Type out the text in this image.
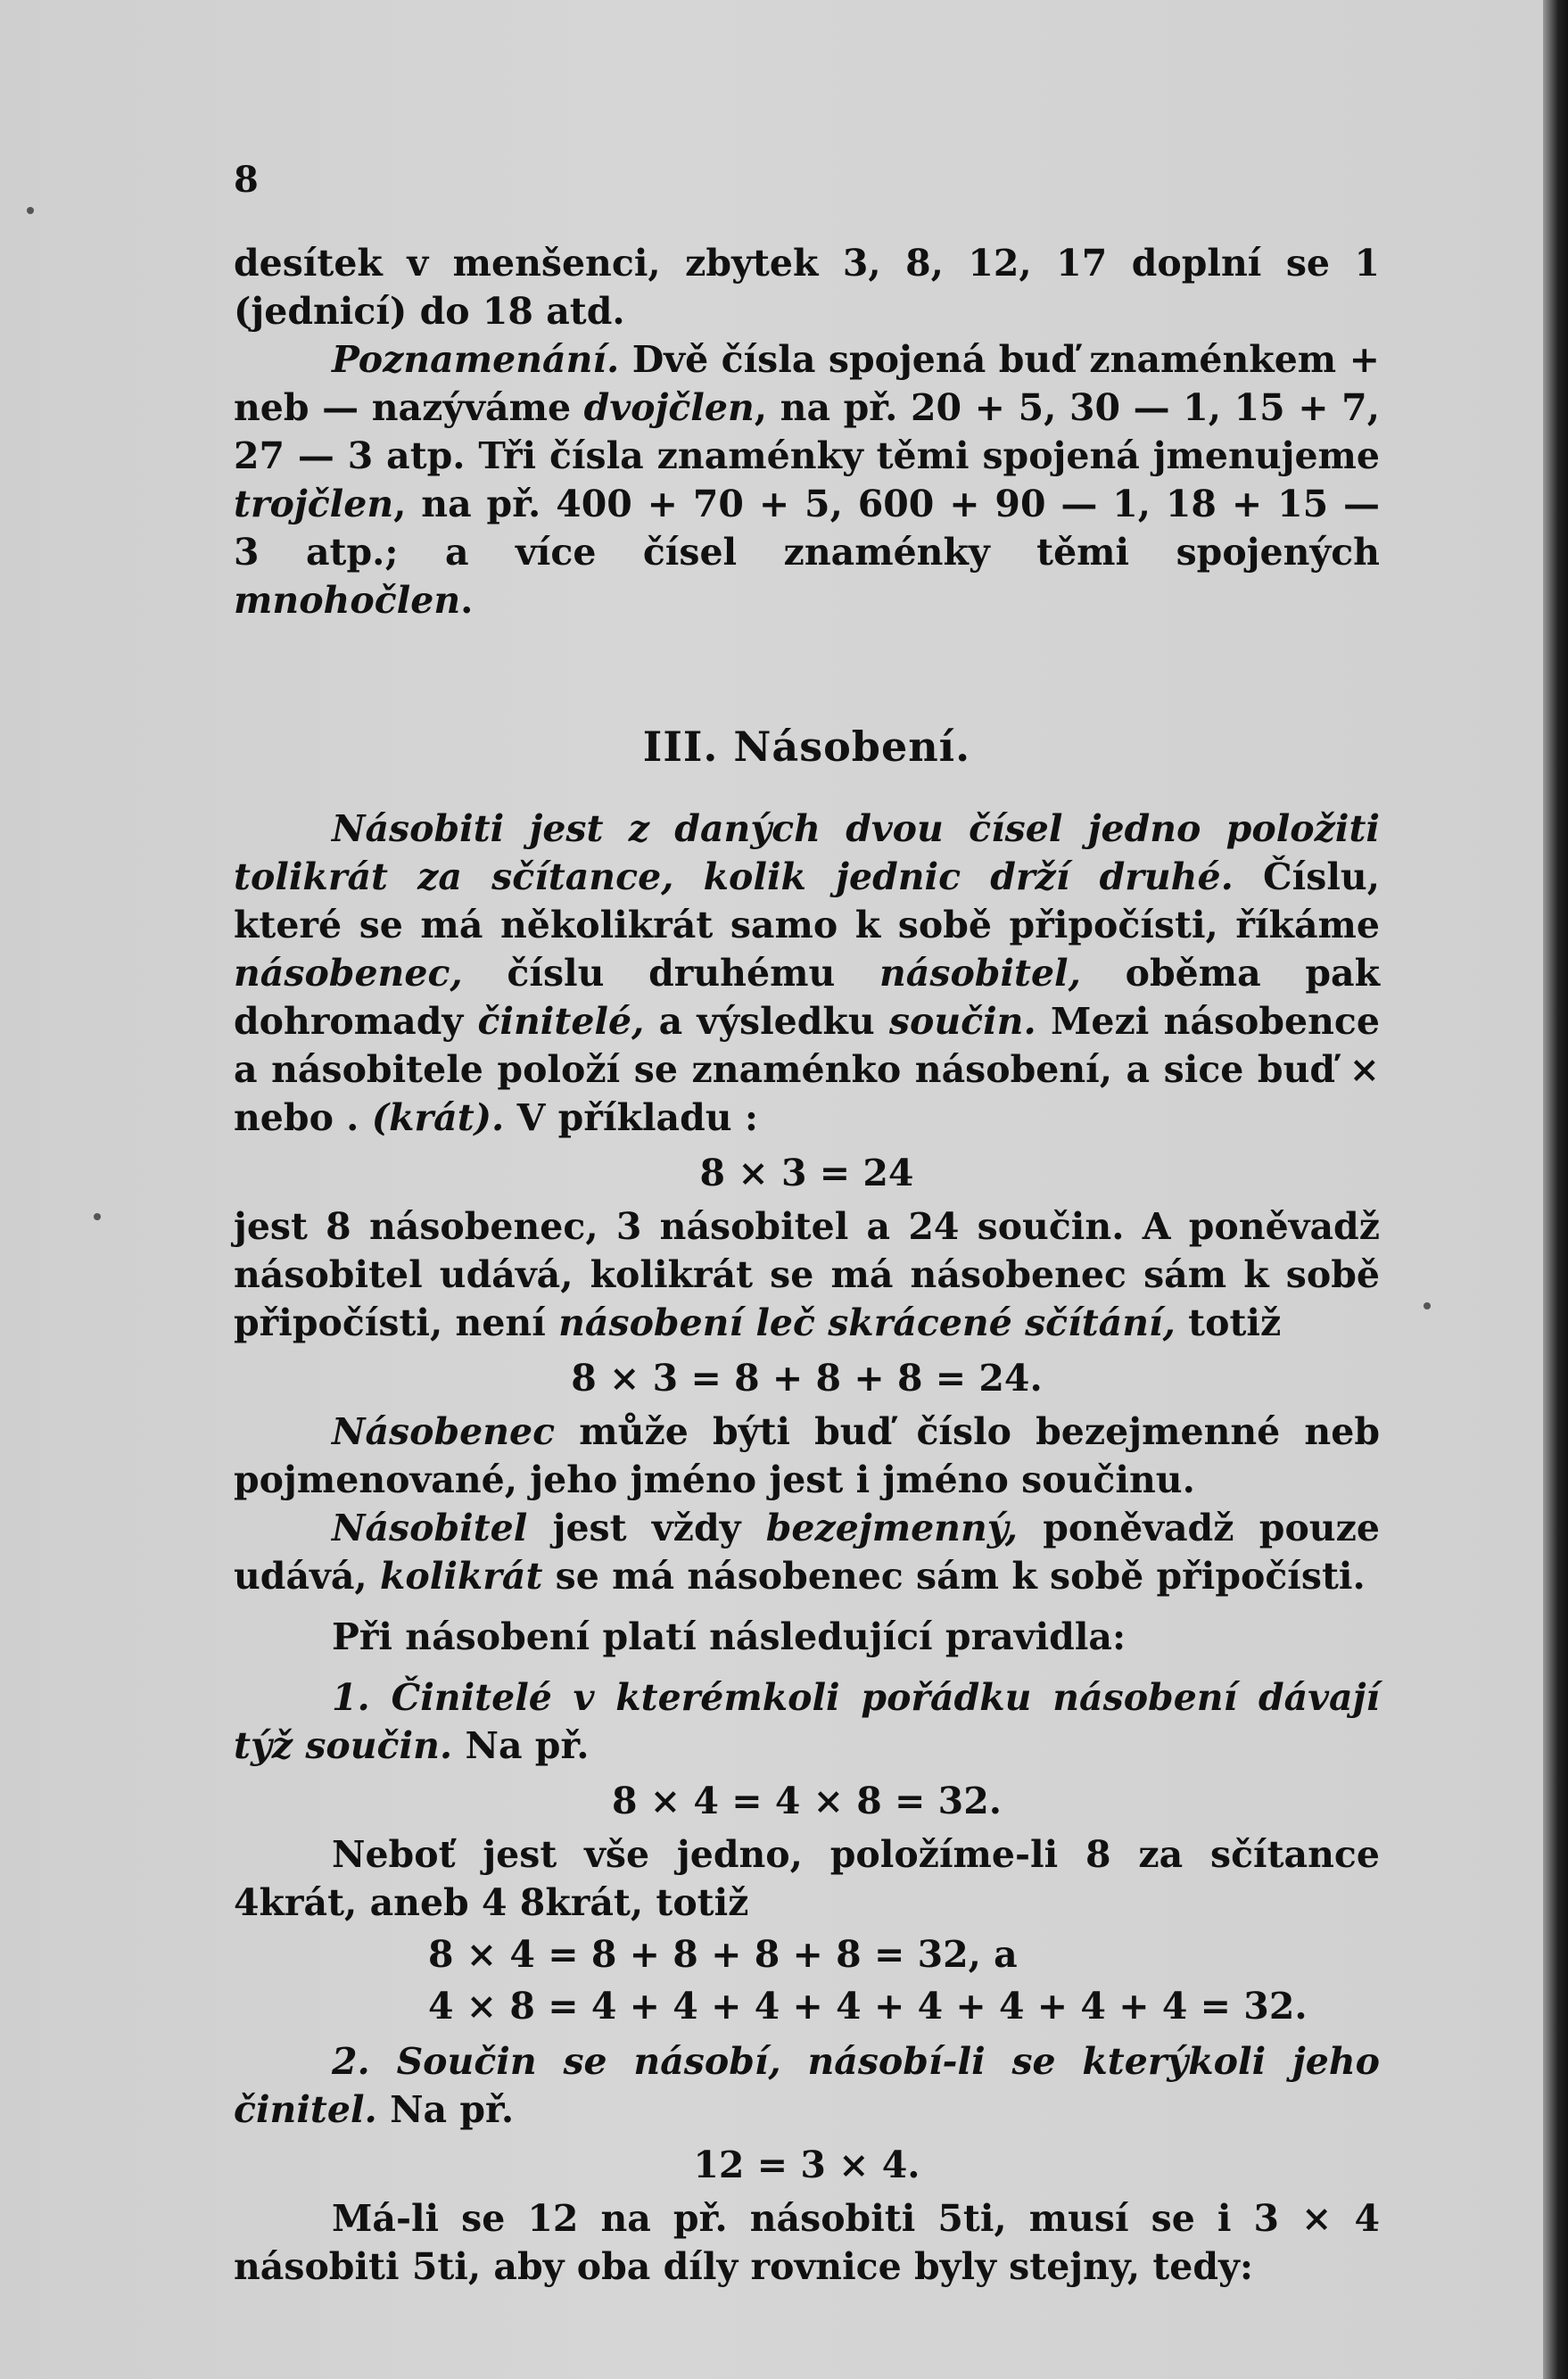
8

desítek v menšenci, zbytek 3, 8, 12, 17 doplní se 1 (jednicí) do 18 atd.

Poznamenání. Dvě čísla spojená buď znaménkem + neb — nazýváme dvojčlen, na př. 20 + 5, 30 — 1, 15 + 7, 27 — 3 atp. Tři čísla znaménky těmi spojená jmenujeme trojčlen, na př. 400 + 70 + 5, 600 + 90 — 1, 18 + 15 — 3 atp.; a více čísel znaménky těmi spojených mnohočlen.

III. Násobení.

Násobiti jest z daných dvou čísel jedno položiti tolikrát za sčítance, kolik jednic drží druhé. Číslu, které se má několikrát samo k sobě připočísti, říkáme násobenec, číslu druhému násobitel, oběma pak dohromady činitelé, a výsledku součin. Mezi násobence a násobitele položí se znaménko násobení, a sice buď × nebo . (krát). V příkladu :

8 × 3 = 24

jest 8 násobenec, 3 násobitel a 24 součin. A poněvadž násobitel udává, kolikrát se má násobenec sám k sobě připočísti, není násobení leč skrácené sčítání, totiž

8 × 3 = 8 + 8 + 8 = 24.

Násobenec může býti buď číslo bezejmenné neb pojmenované, jeho jméno jest i jméno součinu.

Násobitel jest vždy bezejmenný, poněvadž pouze udává, kolikrát se má násobenec sám k sobě připočísti.

Při násobení platí následující pravidla:

1. Činitelé v kterémkoli pořádku násobení dávají týž součin. Na př.

8 × 4 = 4 × 8 = 32.

Neboť jest vše jedno, položíme-li 8 za sčítance 4krát, aneb 4 8krát, totiž

8 × 4 = 8 + 8 + 8 + 8 = 32, a

4 × 8 = 4 + 4 + 4 + 4 + 4 + 4 + 4 + 4 = 32.

2. Součin se násobí, násobí-li se kterýkoli jeho činitel. Na př.

12 = 3 × 4.

Má-li se 12 na př. násobiti 5ti, musí se i 3 × 4 násobiti 5ti, aby oba díly rovnice byly stejny, tedy:
